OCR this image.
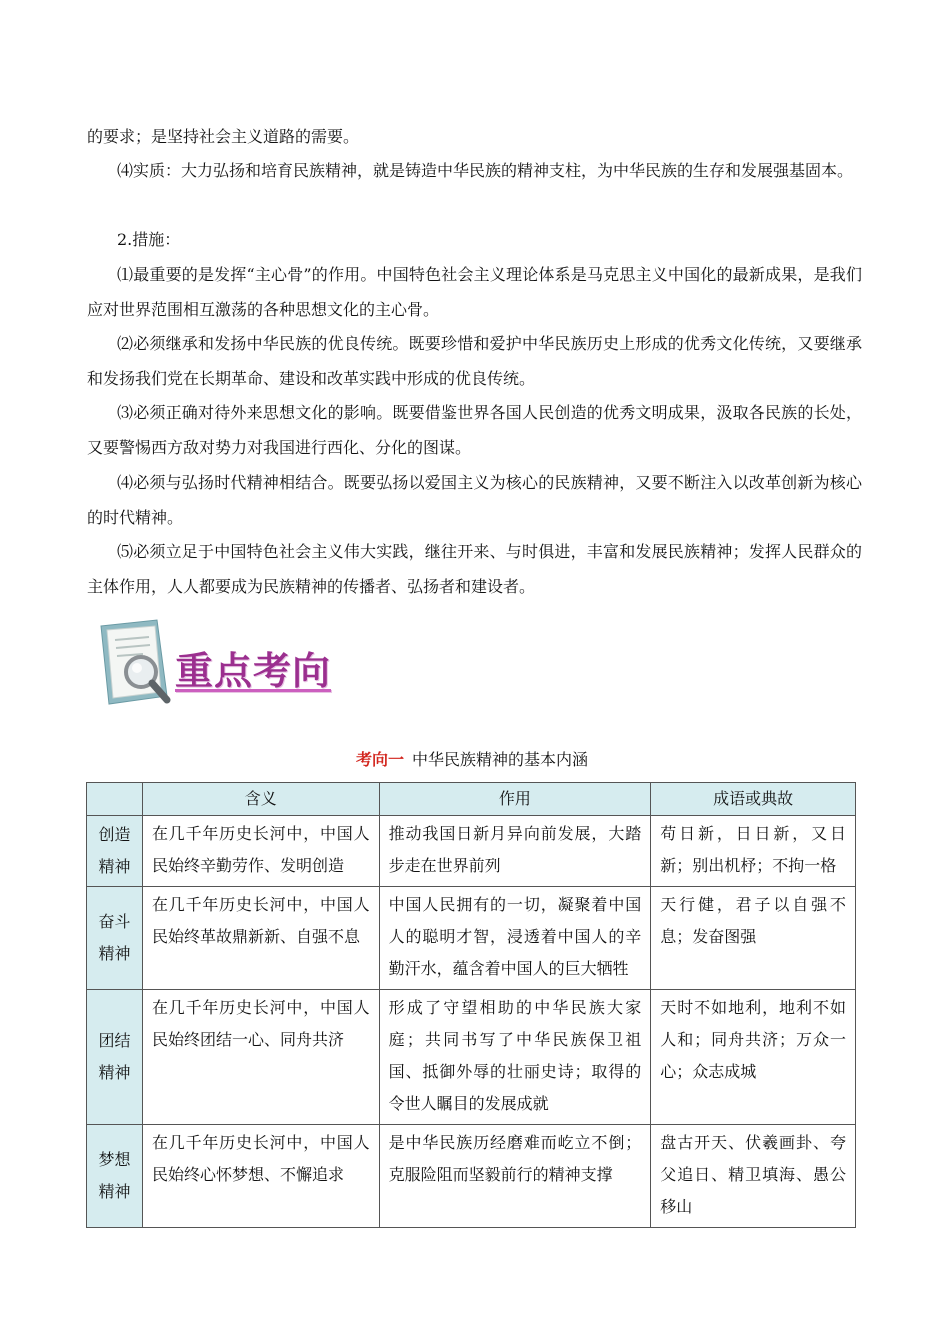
的要求；是坚持社会主义道路的需要。

⑷实质：大力弘扬和培育民族精神，就是铸造中华民族的精神支柱，为中华民族的生存和发展强基固本。

2.措施：

⑴最重要的是发挥“主心骨”的作用。中国特色社会主义理论体系是马克思主义中国化的最新成果，是我们应对世界范围相互激荡的各种思想文化的主心骨。

⑵必须继承和发扬中华民族的优良传统。既要珍惜和爱护中华民族历史上形成的优秀文化传统，又要继承和发扬我们党在长期革命、建设和改革实践中形成的优良传统。

⑶必须正确对待外来思想文化的影响。既要借鉴世界各国人民创造的优秀文明成果，汲取各民族的长处，又要警惕西方敌对势力对我国进行西化、分化的图谋。

⑷必须与弘扬时代精神相结合。既要弘扬以爱国主义为核心的民族精神，又要不断注入以改革创新为核心的时代精神。

⑸必须立足于中国特色社会主义伟大实践，继往开来、与时俱进，丰富和发展民族精神；发挥人民群众的主体作用，人人都要成为民族精神的传播者、弘扬者和建设者。

重点考向
考向一 中华民族精神的基本内涵
	含义	作用	成语或典故

创造
精神	在几千年历史长河中，中国人民始终辛勤劳作、发明创造	推动我国日新月异向前发展，大踏步走在世界前列	苟日新，日日新，又日新；别出机杼；不拘一格

奋斗
精神	在几千年历史长河中，中国人民始终革故鼎新新、自强不息	中国人民拥有的一切，凝聚着中国人的聪明才智，浸透着中国人的辛勤汗水，蕴含着中国人的巨大牺牲	天行健，君子以自强不息；发奋图强

团结
精神	在几千年历史长河中，中国人民始终团结一心、同舟共济	形成了守望相助的中华民族大家庭；共同书写了中华民族保卫祖国、抵御外辱的壮丽史诗；取得的令世人瞩目的发展成就	天时不如地利，地利不如人和；同舟共济；万众一心；众志成城

梦想
精神	在几千年历史长河中，中国人民始终心怀梦想、不懈追求	是中华民族历经磨难而屹立不倒；克服险阻而坚毅前行的精神支撑	盘古开天、伏羲画卦、夸父追日、精卫填海、愚公移山
